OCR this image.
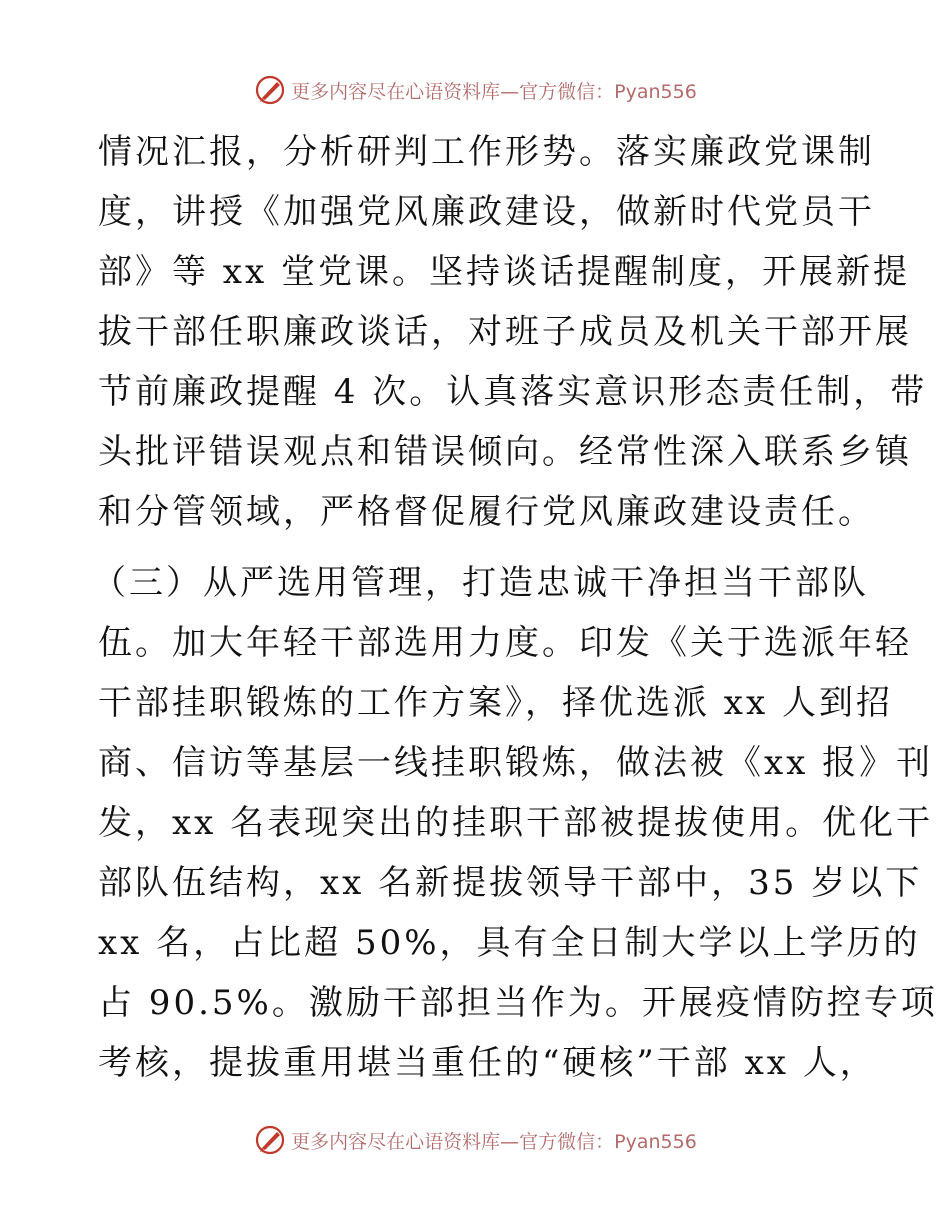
更多内容尽在心语资料库—官方微信：Pyan556
情况汇报，分析研判工作形势。落实廉政党课制
度，讲授《加强党风廉政建设，做新时代党员干
部》等 xx 堂党课。坚持谈话提醒制度，开展新提
拔干部任职廉政谈话，对班子成员及机关干部开展
节前廉政提醒 4 次。认真落实意识形态责任制，带
头批评错误观点和错误倾向。经常性深入联系乡镇
和分管领域，严格督促履行党风廉政建设责任。
（三）从严选用管理，打造忠诚干净担当干部队
伍。加大年轻干部选用力度。印发《关于选派年轻
干部挂职锻炼的工作方案》，择优选派 xx 人到招
商、信访等基层一线挂职锻炼，做法被《xx 报》刊
发，xx 名表现突出的挂职干部被提拔使用。优化干
部队伍结构，xx 名新提拔领导干部中，35 岁以下
xx 名，占比超 50%，具有全日制大学以上学历的
占 90.5%。激励干部担当作为。开展疫情防控专项
考核，提拔重用堪当重任的“硬核”干部 xx 人，
更多内容尽在心语资料库—官方微信：Pyan556
